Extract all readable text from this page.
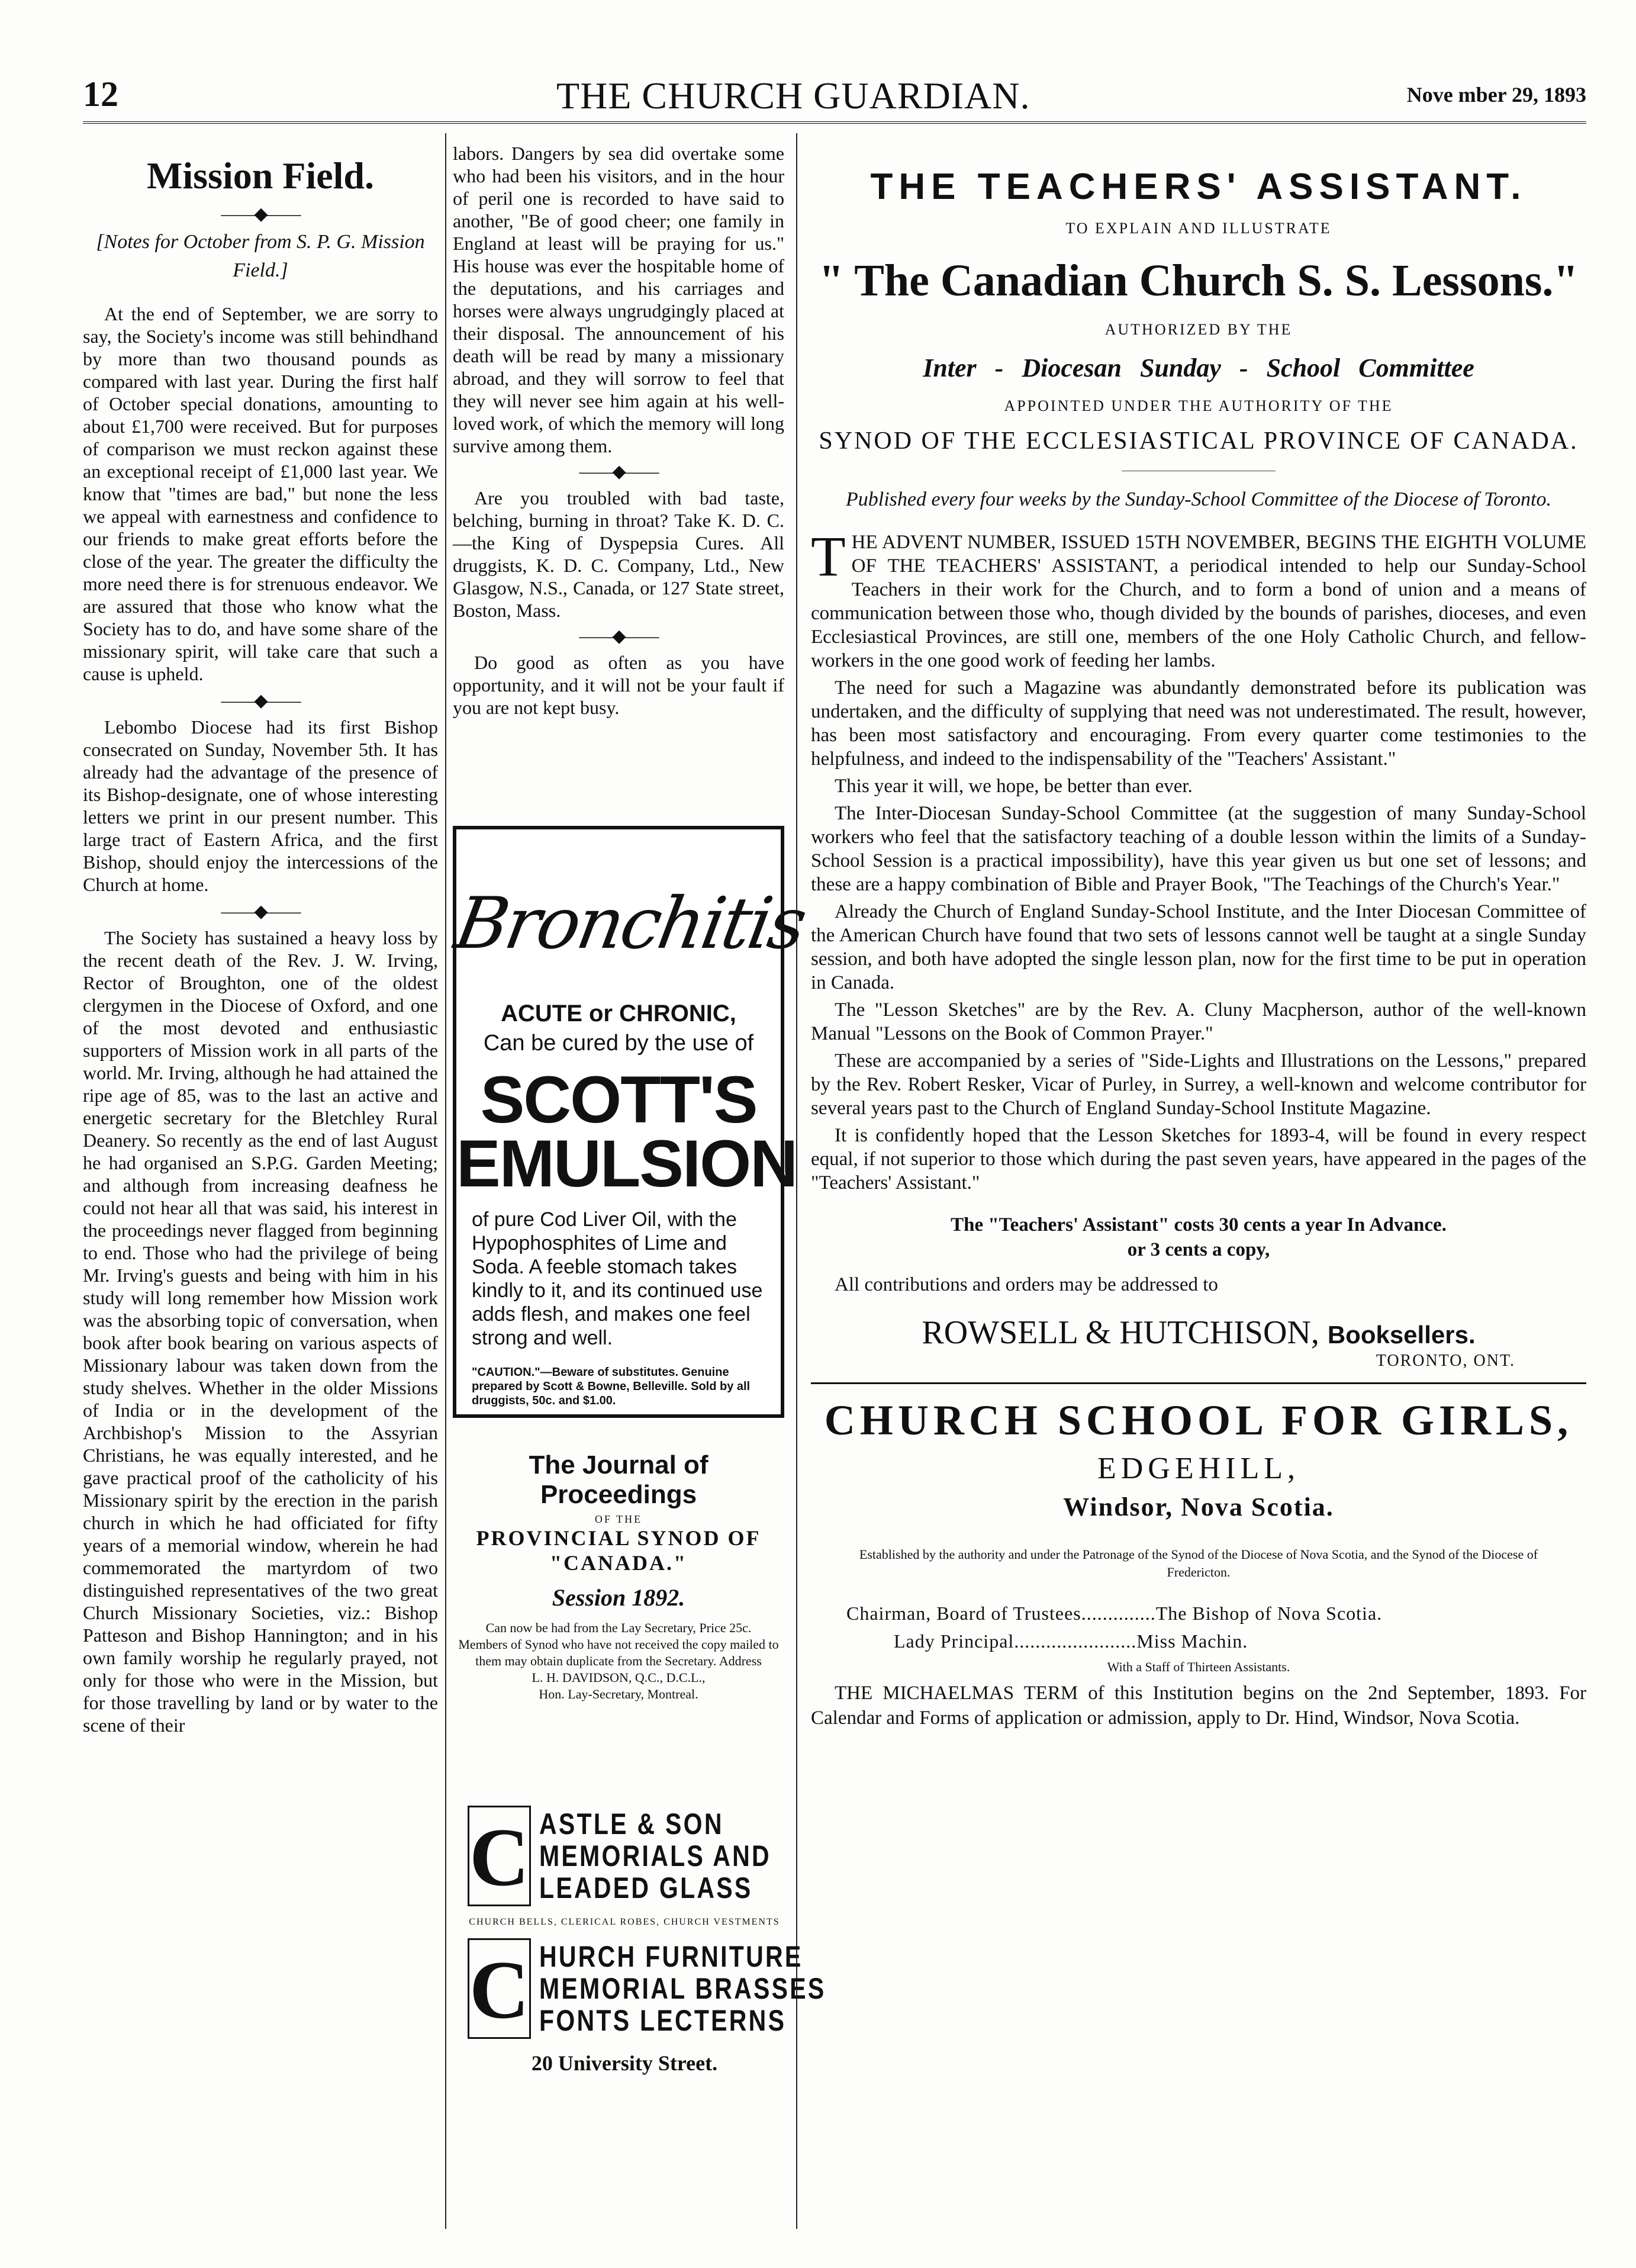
12	THE CHURCH GUARDIAN.	Nove mber 29, 1893
Mission Field.
——◆——
[Notes for October from S. P. G. Mission Field.]

At the end of September, we are sorry to say, the Society's income was still behindhand by more than two thousand pounds as compared with last year. During the first half of October special donations, amounting to about £1,700 were received. But for purposes of comparison we must reckon against these an exceptional receipt of £1,000 last year. We know that "times are bad," but none the less we appeal with earnestness and confidence to our friends to make great efforts before the close of the year. The greater the difficulty the more need there is for strenuous endeavor. We are assured that those who know what the Society has to do, and have some share of the missionary spirit, will take care that such a cause is upheld.

——◆——

Lebombo Diocese had its first Bishop consecrated on Sunday, November 5th. It has already had the advantage of the presence of its Bishop-designate, one of whose interesting letters we print in our present number. This large tract of Eastern Africa, and the first Bishop, should enjoy the intercessions of the Church at home.

——◆——

The Society has sustained a heavy loss by the recent death of the Rev. J. W. Irving, Rector of Broughton, one of the oldest clergymen in the Diocese of Oxford, and one of the most devoted and enthusiastic supporters of Mission work in all parts of the world. Mr. Irving, although he had attained the ripe age of 85, was to the last an active and energetic secretary for the Bletchley Rural Deanery. So recently as the end of last August he had organised an S.P.G. Garden Meeting; and although from increasing deafness he could not hear all that was said, his interest in the proceedings never flagged from beginning to end. Those who had the privilege of being Mr. Irving's guests and being with him in his study will long remember how Mission work was the absorbing topic of conversation, when book after book bearing on various aspects of Missionary labour was taken down from the study shelves. Whether in the older Missions of India or in the development of the Archbishop's Mission to the Assyrian Christians, he was equally interested, and he gave practical proof of the catholicity of his Missionary spirit by the erection in the parish church in which he had officiated for fifty years of a memorial window, wherein he had commemorated the martyrdom of two distinguished representatives of the two great Church Missionary Societies, viz.: Bishop Patteson and Bishop Hannington; and in his own family worship he regularly prayed, not only for those who were in the Mission, but for those travelling by land or by water to the scene of their

labors. Dangers by sea did overtake some who had been his visitors, and in the hour of peril one is recorded to have said to another, "Be of good cheer; one family in England at least will be praying for us." His house was ever the hospitable home of the deputations, and his carriages and horses were always ungrudgingly placed at their disposal. The announcement of his death will be read by many a missionary abroad, and they will sorrow to feel that they will never see him again at his well-loved work, of which the memory will long survive among them.

——◆——

Are you troubled with bad taste, belching, burning in throat? Take K. D. C.—the King of Dyspepsia Cures. All druggists, K. D. C. Company, Ltd., New Glasgow, N.S., Canada, or 127 State street, Boston, Mass.

——◆——

Do good as often as you have opportunity, and it will not be your fault if you are not kept busy.

Bronchitis
ACUTE or CHRONIC,
Can be cured by the use of
SCOTT'S
EMULSION
of pure Cod Liver Oil, with the Hypophosphites of Lime and Soda. A feeble stomach takes kindly to it, and its continued use adds flesh, and makes one feel strong and well.
"CAUTION."—Beware of substitutes. Genuine prepared by Scott & Bowne, Belleville. Sold by all druggists, 50c. and $1.00.
The Journal of Proceedings
OF THE
PROVINCIAL SYNOD OF
"CANADA."
Session 1892.
Can now be had from the Lay Secretary, Price 25c.
Members of Synod who have not received the copy mailed to them may obtain duplicate from the Secretary. Address
L. H. DAVIDSON, Q.C., D.C.L.,
Hon. Lay-Secretary, Montreal.
C ASTLE & SON
MEMORIALS AND
LEADED GLASS
CHURCH BELLS, CLERICAL ROBES, CHURCH VESTMENTS
C HURCH FURNITURE
MEMORIAL BRASSES
FONTS LECTERNS
20 University Street.
THE TEACHERS' ASSISTANT.
TO EXPLAIN AND ILLUSTRATE
" The Canadian Church S. S. Lessons."
AUTHORIZED BY THE
Inter - Diocesan Sunday - School Committee
APPOINTED UNDER THE AUTHORITY OF THE
SYNOD OF THE ECCLESIASTICAL PROVINCE OF CANADA.
Published every four weeks by the Sunday-School Committee of the Diocese of Toronto.

THE ADVENT NUMBER, ISSUED 15TH NOVEMBER, BEGINS THE EIGHTH VOLUME OF THE TEACHERS' ASSISTANT, a periodical intended to help our Sunday-School Teachers in their work for the Church, and to form a bond of union and a means of communication between those who, though divided by the bounds of parishes, dioceses, and even Ecclesiastical Provinces, are still one, members of the one Holy Catholic Church, and fellow-workers in the one good work of feeding her lambs.

The need for such a Magazine was abundantly demonstrated before its publication was undertaken, and the difficulty of supplying that need was not underestimated. The result, however, has been most satisfactory and encouraging. From every quarter come testimonies to the helpfulness, and indeed to the indispensability of the "Teachers' Assistant."

This year it will, we hope, be better than ever.

The Inter-Diocesan Sunday-School Committee (at the suggestion of many Sunday-School workers who feel that the satisfactory teaching of a double lesson within the limits of a Sunday-School Session is a practical impossibility), have this year given us but one set of lessons; and these are a happy combination of Bible and Prayer Book, "The Teachings of the Church's Year."

Already the Church of England Sunday-School Institute, and the Inter Diocesan Committee of the American Church have found that two sets of lessons cannot well be taught at a single Sunday session, and both have adopted the single lesson plan, now for the first time to be put in operation in Canada.

The "Lesson Sketches" are by the Rev. A. Cluny Macpherson, author of the well-known Manual "Lessons on the Book of Common Prayer."

These are accompanied by a series of "Side-Lights and Illustrations on the Lessons," prepared by the Rev. Robert Resker, Vicar of Purley, in Surrey, a well-known and welcome contributor for several years past to the Church of England Sunday-School Institute Magazine.

It is confidently hoped that the Lesson Sketches for 1893-4, will be found in every respect equal, if not superior to those which during the past seven years, have appeared in the pages of the "Teachers' Assistant."

The "Teachers' Assistant" costs 30 cents a year In Advance.
or 3 cents a copy,
All contributions and orders may be addressed to
ROWSELL & HUTCHISON, Booksellers.
TORONTO, ONT.
CHURCH SCHOOL FOR GIRLS,
EDGEHILL,
Windsor, Nova Scotia.
Established by the authority and under the Patronage of the Synod of the Diocese of Nova Scotia, and the Synod of the Diocese of Fredericton.
Chairman, Board of Trustees..............The Bishop of Nova Scotia.
Lady Principal.......................Miss Machin.
With a Staff of Thirteen Assistants.
THE MICHAELMAS TERM of this Institution begins on the 2nd September, 1893. For Calendar and Forms of application or admission, apply to Dr. Hind, Windsor, Nova Scotia.
